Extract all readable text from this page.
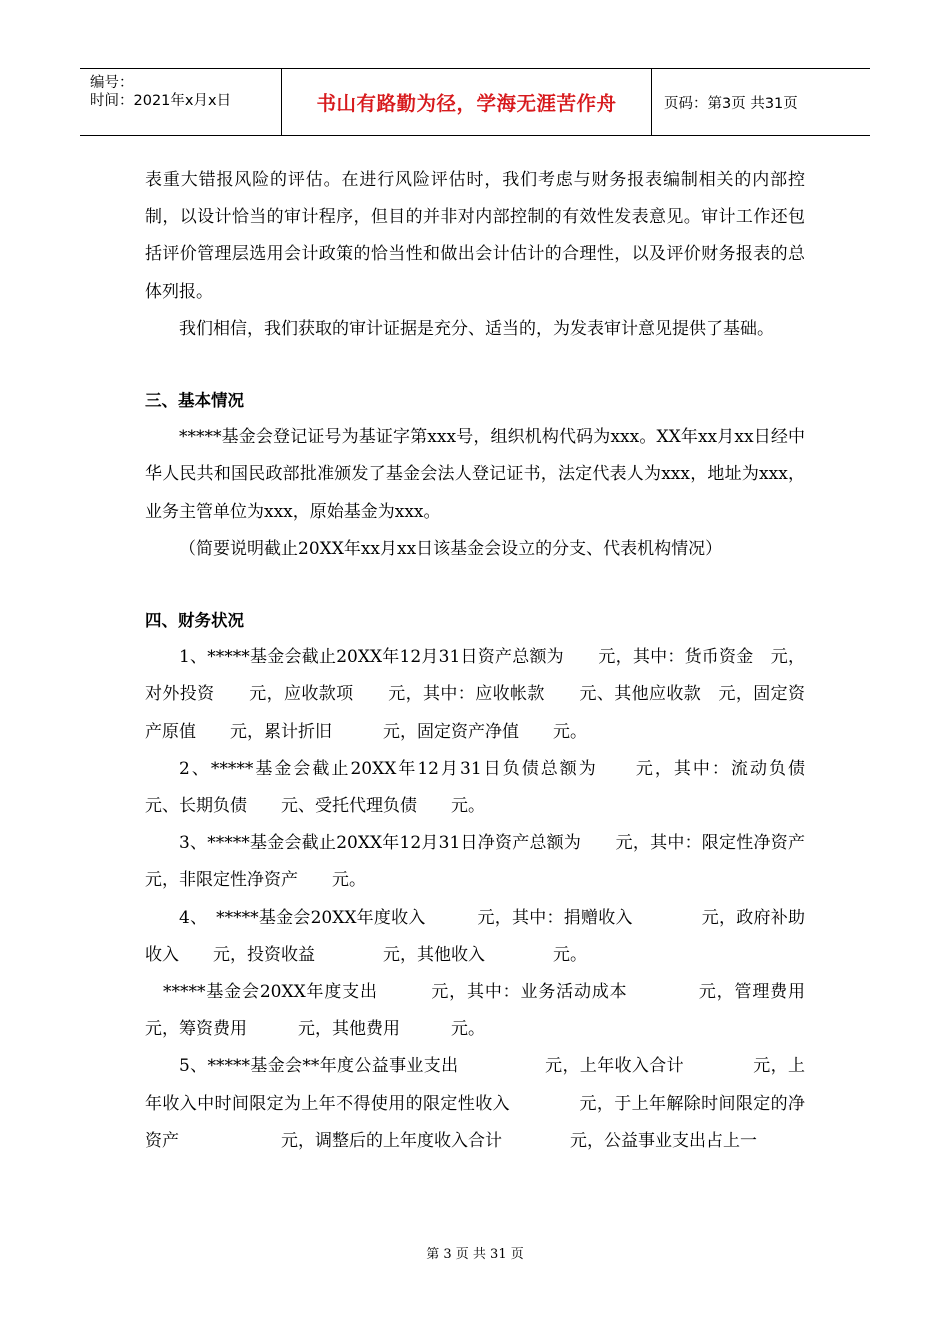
编号：
时间：2021年x月x日	书山有路勤为径，学海无涯苦作舟	页码：第3页 共31页

表重大错报风险的评估。在进行风险评估时，我们考虑与财务报表编制相关的内部控制，以设计恰当的审计程序，但目的并非对内部控制的有效性发表意见。审计工作还包括评价管理层选用会计政策的恰当性和做出会计估计的合理性，以及评价财务报表的总体列报。

我们相信，我们获取的审计证据是充分、适当的，为发表审计意见提供了基础。

三、基本情况

*****基金会登记证号为基证字第xxx号，组织机构代码为xxx。XX年xx月xx日经中华人民共和国民政部批准颁发了基金会法人登记证书，法定代表人为xxx，地址为xxx，业务主管单位为xxx，原始基金为xxx。

（简要说明截止20XX年xx月xx日该基金会设立的分支、代表机构情况）

四、财务状况

1、*****基金会截止20XX年12月31日资产总额为　　元，其中：货币资金　元，对外投资　　元，应收款项　　元，其中：应收帐款　　元、其他应收款　元，固定资产原值　　元，累计折旧　　　元，固定资产净值　　元。

2、*****基金会截止20XX年12月31日负债总额为　　元，其中：流动负债　　元、长期负债　　元、受托代理负债　　元。

3、*****基金会截止20XX年12月31日净资产总额为　　元，其中：限定性净资产　　元，非限定性净资产　　元。

4、　*****基金会20XX年度收入　　　元，其中：捐赠收入　　　　元，政府补助收入　　元，投资收益　　　　元，其他收入　　　　元。

*****基金会20XX年度支出　　　元，其中：业务活动成本　　　　元，管理费用　　元，筹资费用　　　元，其他费用　　　元。

5、*****基金会**年度公益事业支出　　　　　元，上年收入合计　　　　元，上年收入中时间限定为上年不得使用的限定性收入　　　　元，于上年解除时间限定的净资产　　　　　　元，调整后的上年度收入合计　　　　元，公益事业支出占上一

第 3 页 共 31 页
